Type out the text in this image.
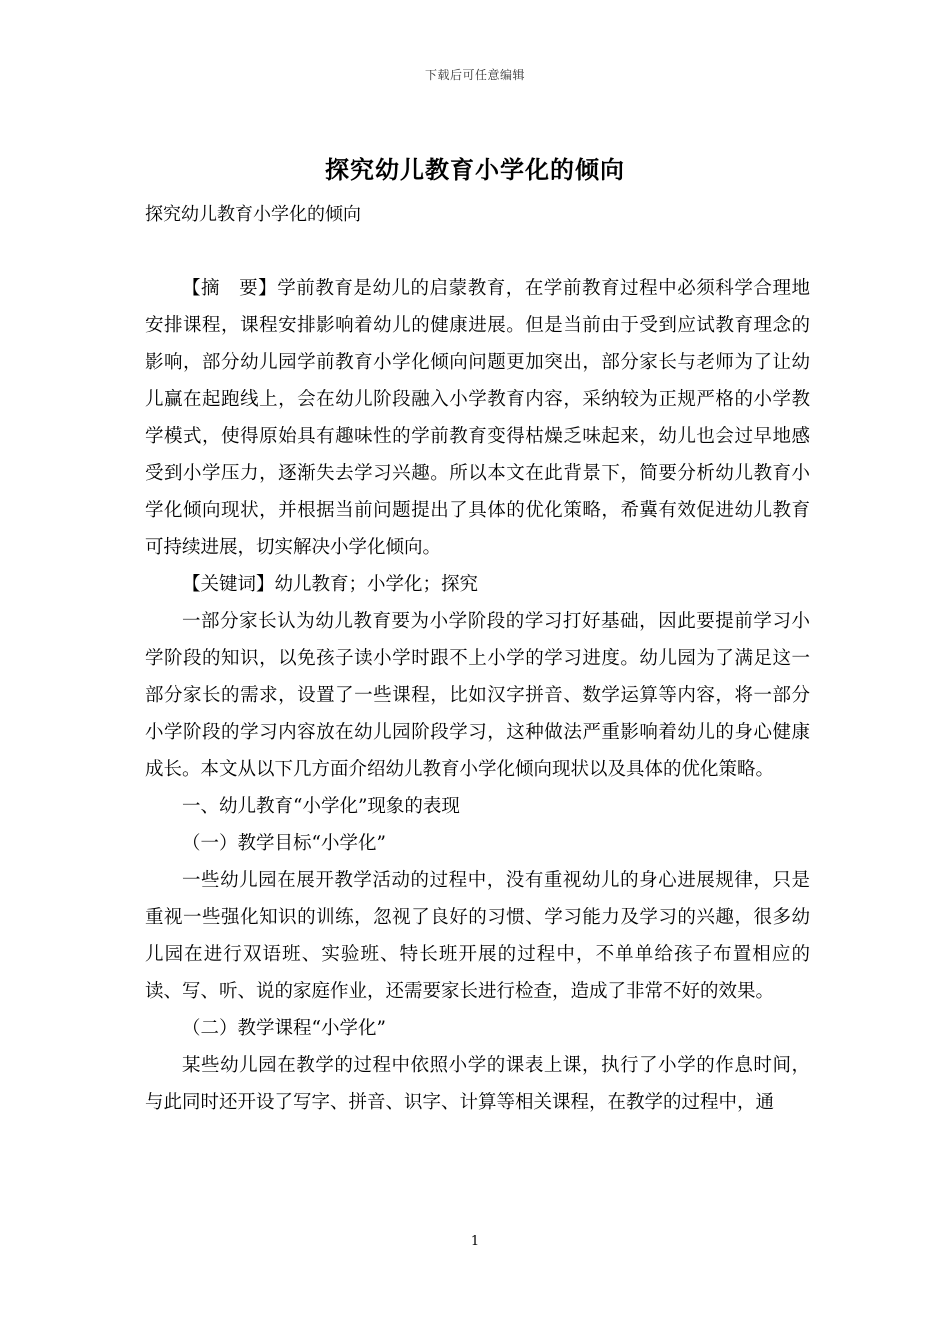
下载后可任意编辑
探究幼儿教育小学化的倾向
探究幼儿教育小学化的倾向

【摘　要】学前教育是幼儿的启蒙教育，在学前教育过程中必须科学合理地安排课程，课程安排影响着幼儿的健康进展。但是当前由于受到应试教育理念的影响，部分幼儿园学前教育小学化倾向问题更加突出，部分家长与老师为了让幼儿赢在起跑线上，会在幼儿阶段融入小学教育内容，采纳较为正规严格的小学教学模式，使得原始具有趣味性的学前教育变得枯燥乏味起来，幼儿也会过早地感受到小学压力，逐渐失去学习兴趣。所以本文在此背景下，简要分析幼儿教育小学化倾向现状，并根据当前问题提出了具体的优化策略，希冀有效促进幼儿教育可持续进展，切实解决小学化倾向。

【关键词】幼儿教育；小学化；探究

一部分家长认为幼儿教育要为小学阶段的学习打好基础，因此要提前学习小学阶段的知识，以免孩子读小学时跟不上小学的学习进度。幼儿园为了满足这一部分家长的需求，设置了一些课程，比如汉字拼音、数学运算等内容，将一部分小学阶段的学习内容放在幼儿园阶段学习，这种做法严重影响着幼儿的身心健康成长。本文从以下几方面介绍幼儿教育小学化倾向现状以及具体的优化策略。

一、幼儿教育“小学化”现象的表现

（一）教学目标“小学化”

一些幼儿园在展开教学活动的过程中，没有重视幼儿的身心进展规律，只是重视一些强化知识的训练，忽视了良好的习惯、学习能力及学习的兴趣，很多幼儿园在进行双语班、实验班、特长班开展的过程中，不单单给孩子布置相应的读、写、听、说的家庭作业，还需要家长进行检查，造成了非常不好的效果。

（二）教学课程“小学化”

某些幼儿园在教学的过程中依照小学的课表上课，执行了小学的作息时间，与此同时还开设了写字、拼音、识字、计算等相关课程，在教学的过程中，通

1
